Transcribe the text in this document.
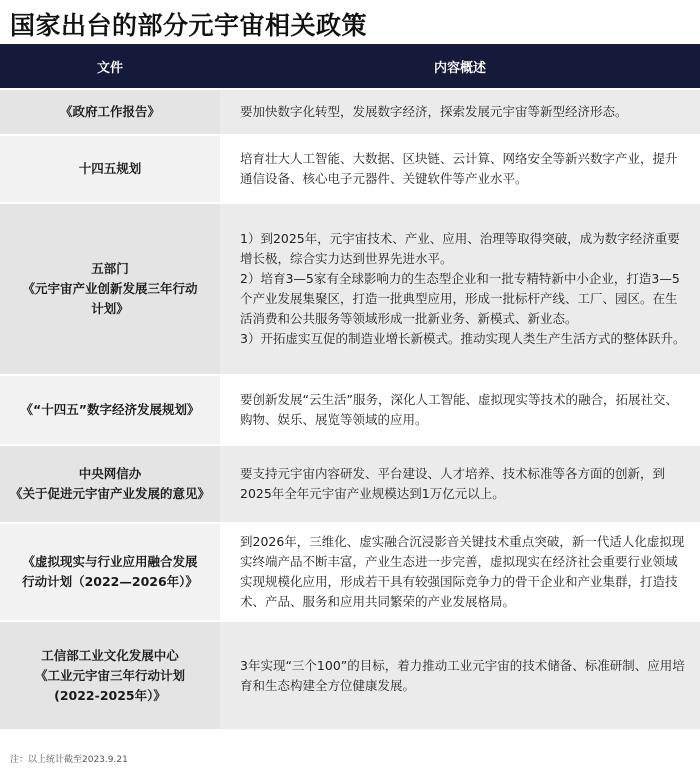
国家出台的部分元宇宙相关政策
文件	内容概述

《政府工作报告》	要加快数字化转型，发展数字经济，探索发展元宇宙等新型经济形态。

十四五规划	培育壮大人工智能、大数据、区块链、云计算、网络安全等新兴数字产业，提升通信设备、核心电子元器件、关键软件等产业水平。

五部门
《元宇宙产业创新发展三年行动
计划》	1）到2025年，元宇宙技术、产业、应用、治理等取得突破，成为数字经济重要增长极，综合实力达到世界先进水平。
2）培育3—5家有全球影响力的生态型企业和一批专精特新中小企业，打造3—5个产业发展集聚区，打造一批典型应用，形成一批标杆产线、工厂、园区。在生活消费和公共服务等领域形成一批新业务、新模式、新业态。
3）开拓虚实互促的制造业增长新模式。推动实现人类生产生活方式的整体跃升。

《“十四五”数字经济发展规划》	要创新发展“云生活”服务，深化人工智能、虚拟现实等技术的融合，拓展社交、购物、娱乐、展览等领域的应用。

中央网信办
《关于促进元宇宙产业发展的意见》	要支持元宇宙内容研发、平台建设、人才培养、技术标准等各方面的创新，到2025年全年元宇宙产业规模达到1万亿元以上。

《虚拟现实与行业应用融合发展
行动计划（2022—2026年）》	到2026年，三维化、虚实融合沉浸影音关键技术重点突破，新一代适人化虚拟现实终端产品不断丰富，产业生态进一步完善，虚拟现实在经济社会重要行业领域实现规模化应用，形成若干具有较强国际竞争力的骨干企业和产业集群，打造技术、产品、服务和应用共同繁荣的产业发展格局。

工信部工业文化发展中心
《工业元宇宙三年行动计划
(2022-2025年）》	3年实现“三个100”的目标，着力推动工业元宇宙的技术储备、标准研制、应用培育和生态构建全方位健康发展。
注：以上统计截至2023.9.21
